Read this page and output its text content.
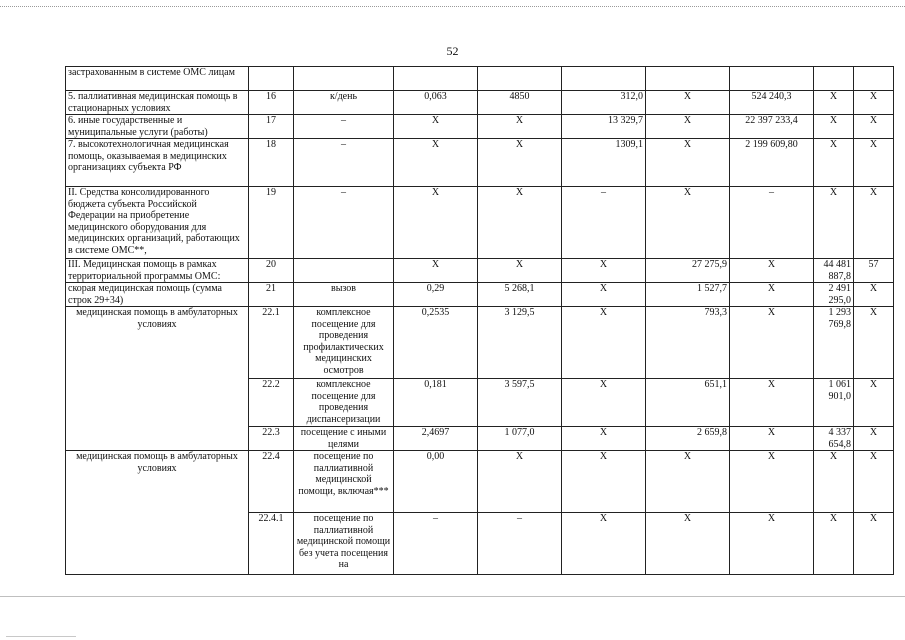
52
застрахованным в системе ОМС лицам									
5. паллиативная медицинская помощь в стационарных условиях	16	к/день	0,063	4850	312,0	X	524 240,3	X	X
6. иные государственные и муниципальные услуги (работы)	17	–	X	X	13 329,7	X	22 397 233,4	X	X
7. высокотехнологичная медицинская помощь, оказываемая в медицинских организациях субъекта РФ	18	–	X	X	1309,1	X	2 199 609,80	X	X
II. Средства консолидированного бюджета субъекта Российской Федерации на приобретение медицинского оборудования для медицинских организаций, работающих в системе ОМС**,	19	–	X	X	–	X	–	X	X
III. Медицинская помощь в рамках территориальной программы ОМС:	20		X	X	X	27 275,9	X	44 481 887,8	57
скорая медицинская помощь (сумма строк 29+34)	21	вызов	0,29	5 268,1	X	1 527,7	X	2 491 295,0	X
медицинская помощь в амбулаторных условиях	22.1	комплексное посещение для проведения профилактических медицинских осмотров	0,2535	3 129,5	X	793,3	X	1 293 769,8	X
	22.2	комплексное посещение для проведения диспансеризации	0,181	3 597,5	X	651,1	X	1 061 901,0	X
	22.3	посещение с иными целями	2,4697	1 077,0	X	2 659,8	X	4 337 654,8	X
медицинская помощь в амбулаторных условиях	22.4	посещение по паллиативной медицинской помощи, включая***	0,00	X	X	X	X	X	X
	22.4.1	посещение по паллиативной медицинской помощи без учета посещения на	–	–	X	X	X	X	X
